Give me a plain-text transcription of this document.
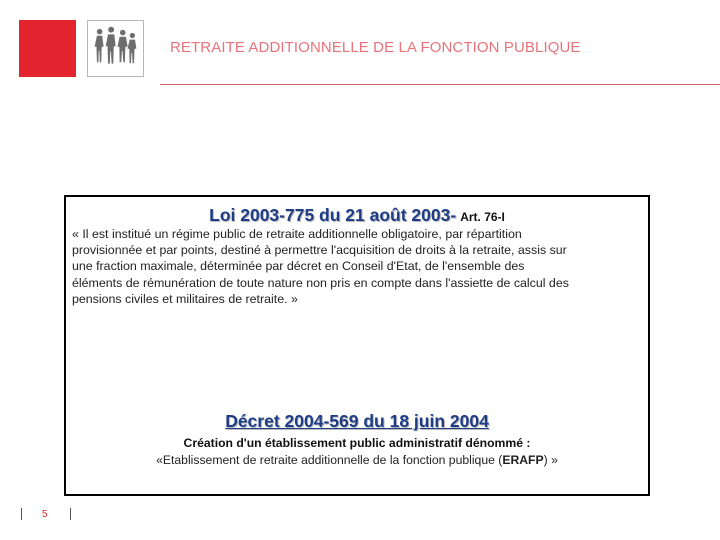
RETRAITE ADDITIONNELLE DE LA FONCTION PUBLIQUE
Loi 2003-775 du 21 août 2003- Art. 76-I
« Il est institué un régime public de retraite additionnelle obligatoire, par répartition
provisionnée et par points, destiné à permettre l'acquisition de droits à la retraite, assis sur
une fraction maximale, déterminée par décret en Conseil d'Etat, de l'ensemble des
éléments de rémunération de toute nature non pris en compte dans l'assiette de calcul des
pensions civiles et militaires de retraite. »
Décret 2004-569 du 18 juin 2004
Création d'un établissement public administratif dénommé :
«Etablissement de retraite additionnelle de la fonction publique (ERAFP) »
5
